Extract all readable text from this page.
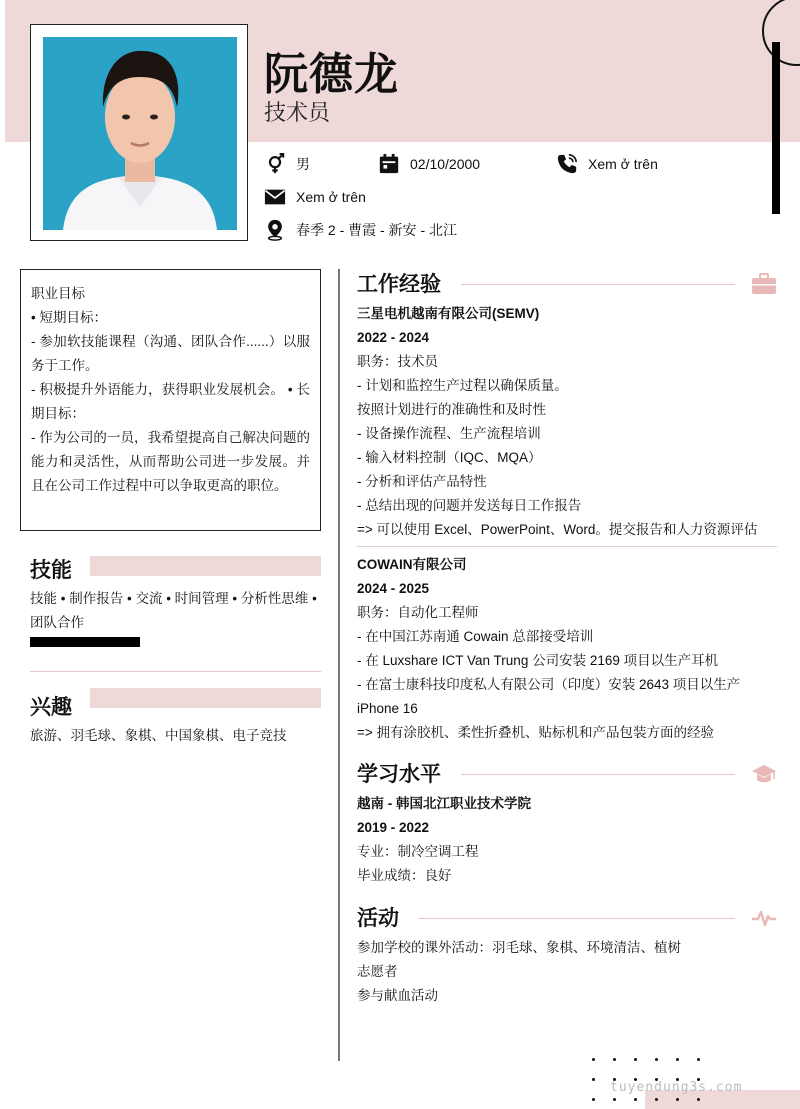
阮德龙
技术员
男	02/10/2000	Xem ở trên
Xem ở trên
春季 2 - 曹霞 - 新安 - 北江

职业目标

• 短期目标：

- 参加软技能课程（沟通、团队合作......）以服务于工作。

- 积极提升外语能力，获得职业发展机会。 • 长期目标：

- 作为公司的一员，我希望提高自己解决问题的能力和灵活性，从而帮助公司进一步发展。并且在公司工作过程中可以争取更高的职位。

技能
技能 • 制作报告 • 交流 • 时间管理 • 分析性思维 • 团队合作
兴趣
旅游、羽毛球、象棋、中国象棋、电子竞技
工作经验
三星电机越南有限公司(SEMV)
2022 - 2024
职务：技术员
- 计划和监控生产过程以确保质量。
按照计划进行的准确性和及时性
- 设备操作流程、生产流程培训
- 输入材料控制（IQC、MQA）
- 分析和评估产品特性
- 总结出现的问题并发送每日工作报告
=> 可以使用 Excel、PowerPoint、Word。提交报告和人力资源评估
COWAIN有限公司
2024 - 2025
职务：自动化工程师
- 在中国江苏南通 Cowain 总部接受培训
- 在 Luxshare ICT Van Trung 公司安装 2169 项目以生产耳机
- 在富士康科技印度私人有限公司（印度）安装 2643 项目以生产 iPhone 16
=> 拥有涂胶机、柔性折叠机、贴标机和产品包装方面的经验
学习水平
越南 - 韩国北江职业技术学院
2019 - 2022
专业：制冷空调工程
毕业成绩：良好
活动
参加学校的课外活动：羽毛球、象棋、环境清洁、植树
志愿者
参与献血活动
tuyendung3s.com
